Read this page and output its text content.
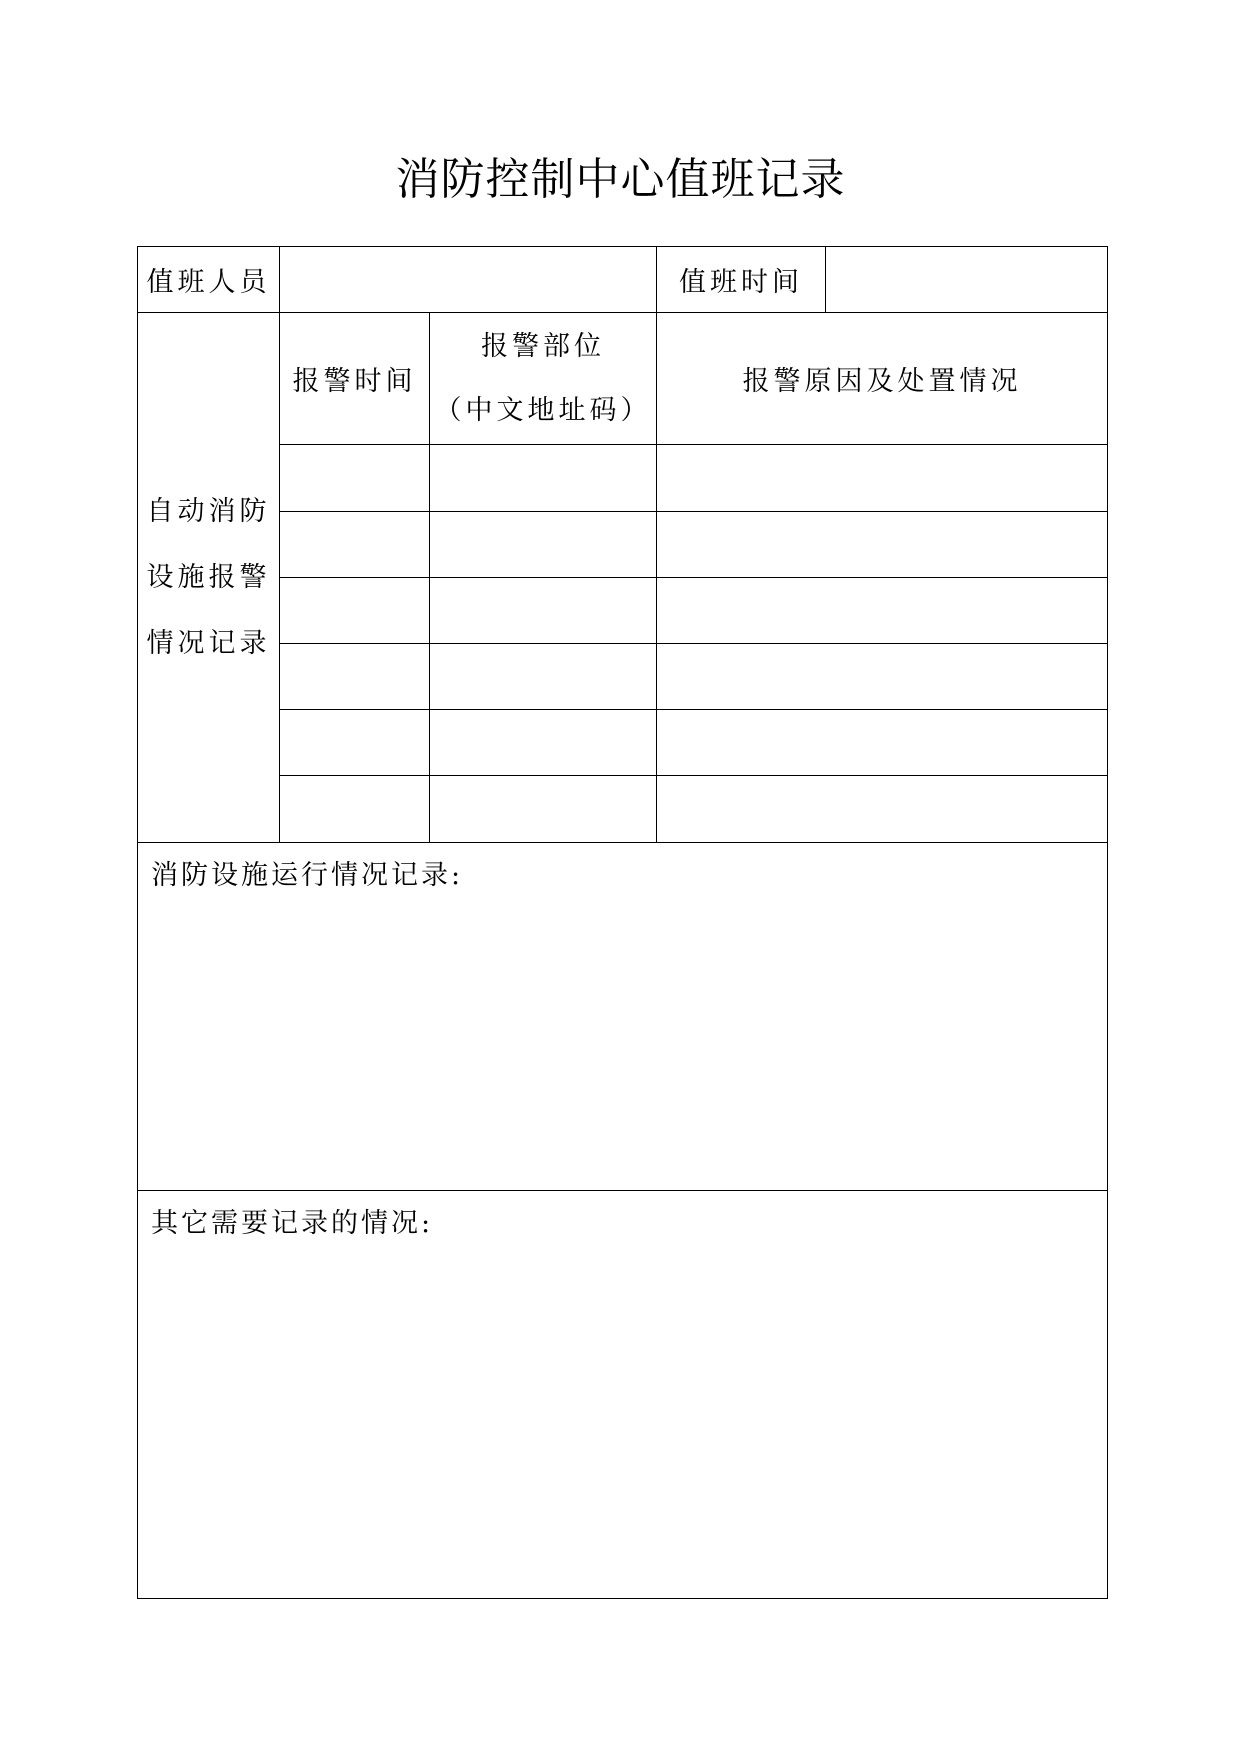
消防控制中心值班记录
值班人员	值班时间
自动消防
设施报警
情况记录
报警时间
报警部位
（中文地址码）
报警原因及处置情况
消防设施运行情况记录:
其它需要记录的情况:
